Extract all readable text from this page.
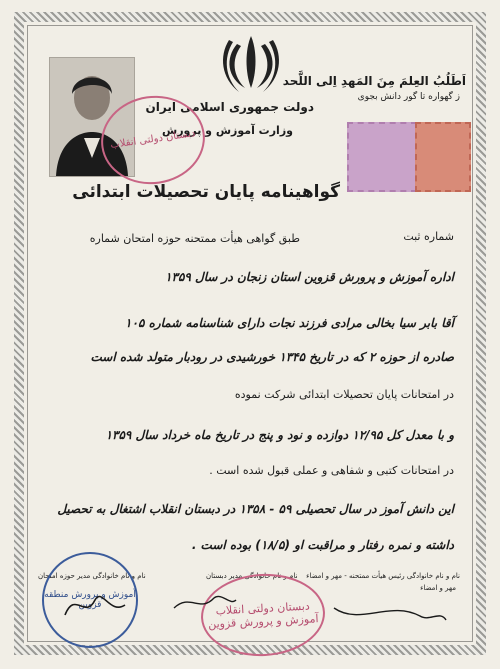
اَطَلُبُ العِلمَ مِنَ المَهدِ اِلی اللَّحد
ز گهواره تا گور دانش بجوی
دولت جمهوری اسلامی ایران
وزارت آموزش و پرورش
گواهینامه پایان تحصیلات ابتدائی
شماره ثبت
دبستان دولتی انقلاب
طبق گواهی هیأت ممتحنه حوزه امتحان شماره
اداره آموزش و پرورش قزوین استان زنجان در سال ۱۳۵۹
آقا بابر سیا بخالی مرادی فرزند نجات دارای شناسنامه شماره ۱۰۵
صادره از حوزه ۲ که در تاریخ ۱۳۴۵ خورشیدی در رودبار متولد شده است
در امتحانات پایان تحصیلات ابتدائی شرکت نموده
و با معدل کل ۱۲/۹۵ دوازده و نود و پنج در تاریخ ماه خرداد سال ۱۳۵۹
در امتحانات کتبی و شفاهی و عملی قبول شده است .
این دانش آموز در سال تحصیلی ۵۹ - ۱۳۵۸ در دبستان انقلاب اشتغال به تحصیل
داشته و نمره رفتار و مراقبت او (۱۸/۵) بوده است .
نام و نام خانوادگی مدیر حوزه امتحان	نام و نام خانوادگی مدیر دبستان نام و نام خانوادگی رئیس هیأت ممتحنه - مهر و امضاء
مهر و امضاء
آموزش و پرورش منطقه قزوین	دبستان دولتی انقلاب
آموزش و پرورش قزوین
